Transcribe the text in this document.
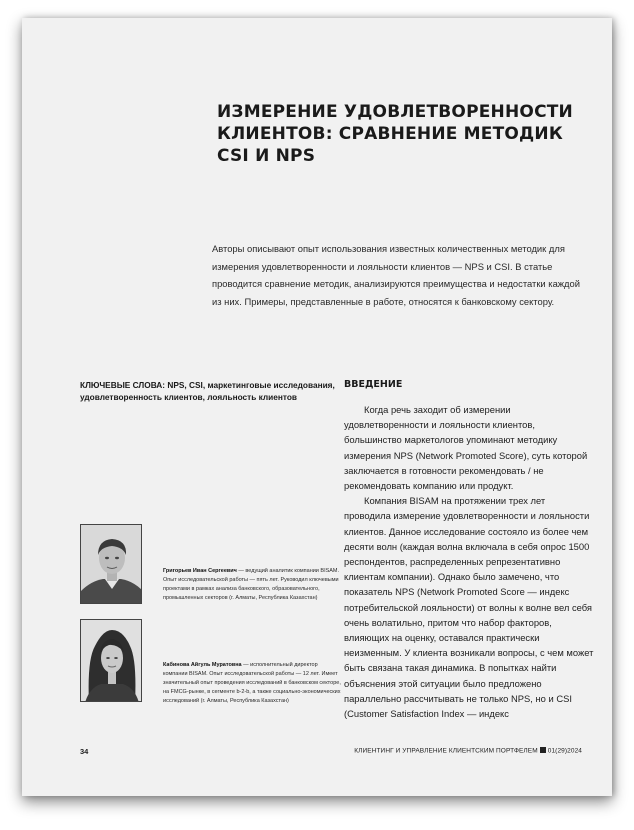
ИЗМЕРЕНИЕ УДОВЛЕТВОРЕННОСТИ
КЛИЕНТОВ: СРАВНЕНИЕ МЕТОДИК CSI И NPS

Авторы описывают опыт использования известных количественных методик для измерения удовлетворенности и лояльности клиентов — NPS и CSI. В статье проводится сравнение методик, анализируются преимущества и недостатки каждой из них. Примеры, представленные в работе, относятся к банковскому сектору.

КЛЮЧЕВЫЕ СЛОВА: NPS, CSI, маркетинговые исследования, удовлетворенность клиентов, лояльность клиентов

Григорьев Иван Сергеевич — ведущий аналитик компании BISAM. Опыт исследовательской работы — пять лет. Руководил ключевыми проектами в рамках анализа банковского, образовательного, промышленных секторов (г. Алматы, Республика Казахстан)

Кабинова Айгуль Муратовна — исполнительный директор компании BISAM. Опыт исследовательской работы — 12 лет. Имеет значительный опыт проведения исследований в банковском секторе, на FMCG-рынке, в сегменте b-2-b, а также социально-экономических исследований (г. Алматы, Республика Казахстан)

ВВЕДЕНИЕ

Когда речь заходит об измерении удовлетворенности и лояльности клиентов, большинство маркетологов упоминают методику измерения NPS (Network Promoted Score), суть которой заключается в готовности рекомендовать / не рекомендовать компанию или продукт.

Компания BISAM на протяжении трех лет проводила измерение удовлетворенности и лояльности клиентов. Данное исследование состояло из более чем десяти волн (каждая волна включала в себя опрос 1500 респондентов, распределенных репрезентативно клиентам компании). Однако было замечено, что показатель NPS (Network Promoted Score — индекс потребительской лояльности) от волны к волне вел себя очень волатильно, притом что набор факторов, влияющих на оценку, оставался практически неизменным. У клиента возникали вопросы, с чем может быть связана такая динамика. В попытках найти объяснения этой ситуации было предложено параллельно рассчитывать не только NPS, но и CSI (Customer Satisfaction Index — индекс

34	КЛИЕНТИНГ И УПРАВЛЕНИЕ КЛИЕНТСКИМ ПОРТФЕЛЕМ 01(29)2024
